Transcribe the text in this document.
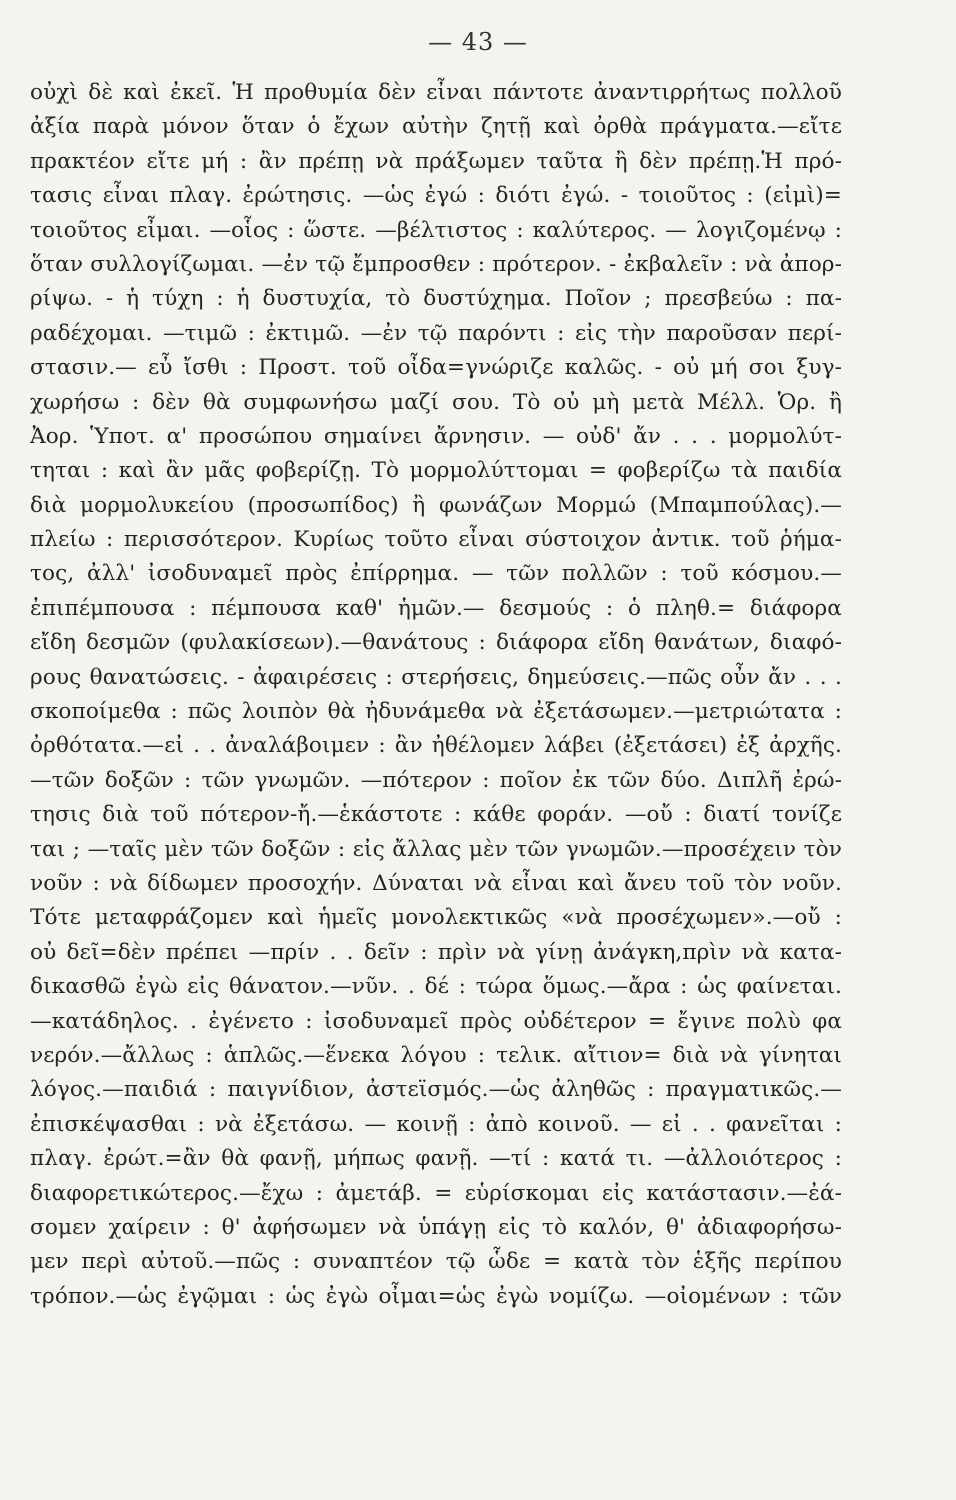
— 43 —
οὐχὶ δὲ καὶ ἐκεῖ. Ἡ προθυμία δὲν εἶναι πάντοτε ἀναντιρρήτως πολλοῦ
ἀξία παρὰ μόνον ὅταν ὁ ἔχων αὐτὴν ζητῇ καὶ ὀρθὰ πράγματα.—εἴτε
πρακτέον εἴτε μή : ἂν πρέπῃ νὰ πράξωμεν ταῦτα ἢ δὲν πρέπῃ.Ἡ πρό-
τασις εἶναι πλαγ. ἐρώτησις. —ὡς ἐγώ : διότι ἐγώ. - τοιοῦτος : (εἰμὶ)=
τοιοῦτος εἶμαι. —οἷος : ὥστε. —βέλτιστος : καλύτερος. — λογιζομένῳ :
ὅταν συλλογίζωμαι. —ἐν τῷ ἔμπροσθεν : πρότερον. - ἐκβαλεῖν : νὰ ἀπορ-
ρίψω. - ἡ τύχη : ἡ δυστυχία, τὸ δυστύχημα. Ποῖον ; πρεσβεύω : πα-
ραδέχομαι. —τιμῶ : ἐκτιμῶ. —ἐν τῷ παρόντι : εἰς τὴν παροῦσαν περί-
στασιν.— εὖ ἴσθι : Προστ. τοῦ οἶδα=γνώριζε καλῶς. - οὐ μή σοι ξυγ-
χωρήσω : δὲν θὰ συμφωνήσω μαζί σου. Τὸ οὐ μὴ μετὰ Μέλλ. Ὁρ. ἢ
Ἀορ. Ὑποτ. α' προσώπου σημαίνει ἄρνησιν. — οὐδ' ἄν . . . μορμολύτ-
τηται : καὶ ἂν μᾶς φοβερίζῃ. Τὸ μορμολύττομαι = φοβερίζω τὰ παιδία
διὰ μορμολυκείου (προσωπίδος) ἢ φωνάζων Μορμώ (Μπαμπούλας).—
πλείω : περισσότερον. Κυρίως τοῦτο εἶναι σύστοιχον ἀντικ. τοῦ ῥήμα-
τος, ἀλλ' ἰσοδυναμεῖ πρὸς ἐπίρρημα. — τῶν πολλῶν : τοῦ κόσμου.—
ἐπιπέμπουσα : πέμπουσα καθ' ἡμῶν.— δεσμούς : ὁ πληθ.= διάφορα
εἴδη δεσμῶν (φυλακίσεων).—θανάτους : διάφορα εἴδη θανάτων, διαφό-
ρους θανατώσεις. - ἀφαιρέσεις : στερήσεις, δημεύσεις.—πῶς οὖν ἄν . . .
σκοποίμεθα : πῶς λοιπὸν θὰ ἠδυνάμεθα νὰ ἐξετάσωμεν.—μετριώτατα :
ὀρθότατα.—εἰ . . ἀναλάβοιμεν : ἂν ἠθέλομεν λάβει (ἐξετάσει) ἐξ ἀρχῆς.
—τῶν δοξῶν : τῶν γνωμῶν. —πότερον : ποῖον ἐκ τῶν δύο. Διπλῆ ἐρώ-
τησις διὰ τοῦ πότερον-ἤ.—ἑκάστοτε : κάθε φοράν. —οὔ : διατί τονίζε
ται ; —ταῖς μὲν τῶν δοξῶν : εἰς ἄλλας μὲν τῶν γνωμῶν.—προσέχειν τὸν
νοῦν : νὰ δίδωμεν προσοχήν. Δύναται νὰ εἶναι καὶ ἄνευ τοῦ τὸν νοῦν.
Τότε μεταφράζομεν καὶ ἡμεῖς μονολεκτικῶς «νὰ προσέχωμεν».—οὔ :
οὐ δεῖ=δὲν πρέπει —πρίν . . δεῖν : πρὶν νὰ γίνῃ ἀνάγκη,πρὶν νὰ κατα-
δικασθῶ ἐγὼ εἰς θάνατον.—νῦν. . δέ : τώρα ὅμως.—ἄρα : ὡς φαίνεται.
—κατάδηλος. . ἐγένετο : ἰσοδυναμεῖ πρὸς οὐδέτερον = ἔγινε πολὺ φα
νερόν.—ἄλλως : ἁπλῶς.—ἕνεκα λόγου : τελικ. αἴτιον= διὰ νὰ γίνηται
λόγος.—παιδιά : παιγνίδιον, ἀστεϊσμός.—ὡς ἀληθῶς : πραγματικῶς.—
ἐπισκέψασθαι : νὰ ἐξετάσω. — κοινῇ : ἀπὸ κοινοῦ. — εἰ . . φανεῖται :
πλαγ. ἐρώτ.=ἂν θὰ φανῇ, μήπως φανῇ. —τί : κατά τι. —ἀλλοιότερος :
διαφορετικώτερος.—ἔχω : ἀμετάβ. = εὑρίσκομαι εἰς κατάστασιν.—ἐά-
σομεν χαίρειν : θ' ἀφήσωμεν νὰ ὑπάγῃ εἰς τὸ καλόν, θ' ἀδιαφορήσω-
μεν περὶ αὐτοῦ.—πῶς : συναπτέον τῷ ὧδε = κατὰ τὸν ἑξῆς περίπου
τρόπον.—ὡς ἐγῷμαι : ὡς ἐγὼ οἶμαι=ὡς ἐγὼ νομίζω. —οἰομένων : τῶν
